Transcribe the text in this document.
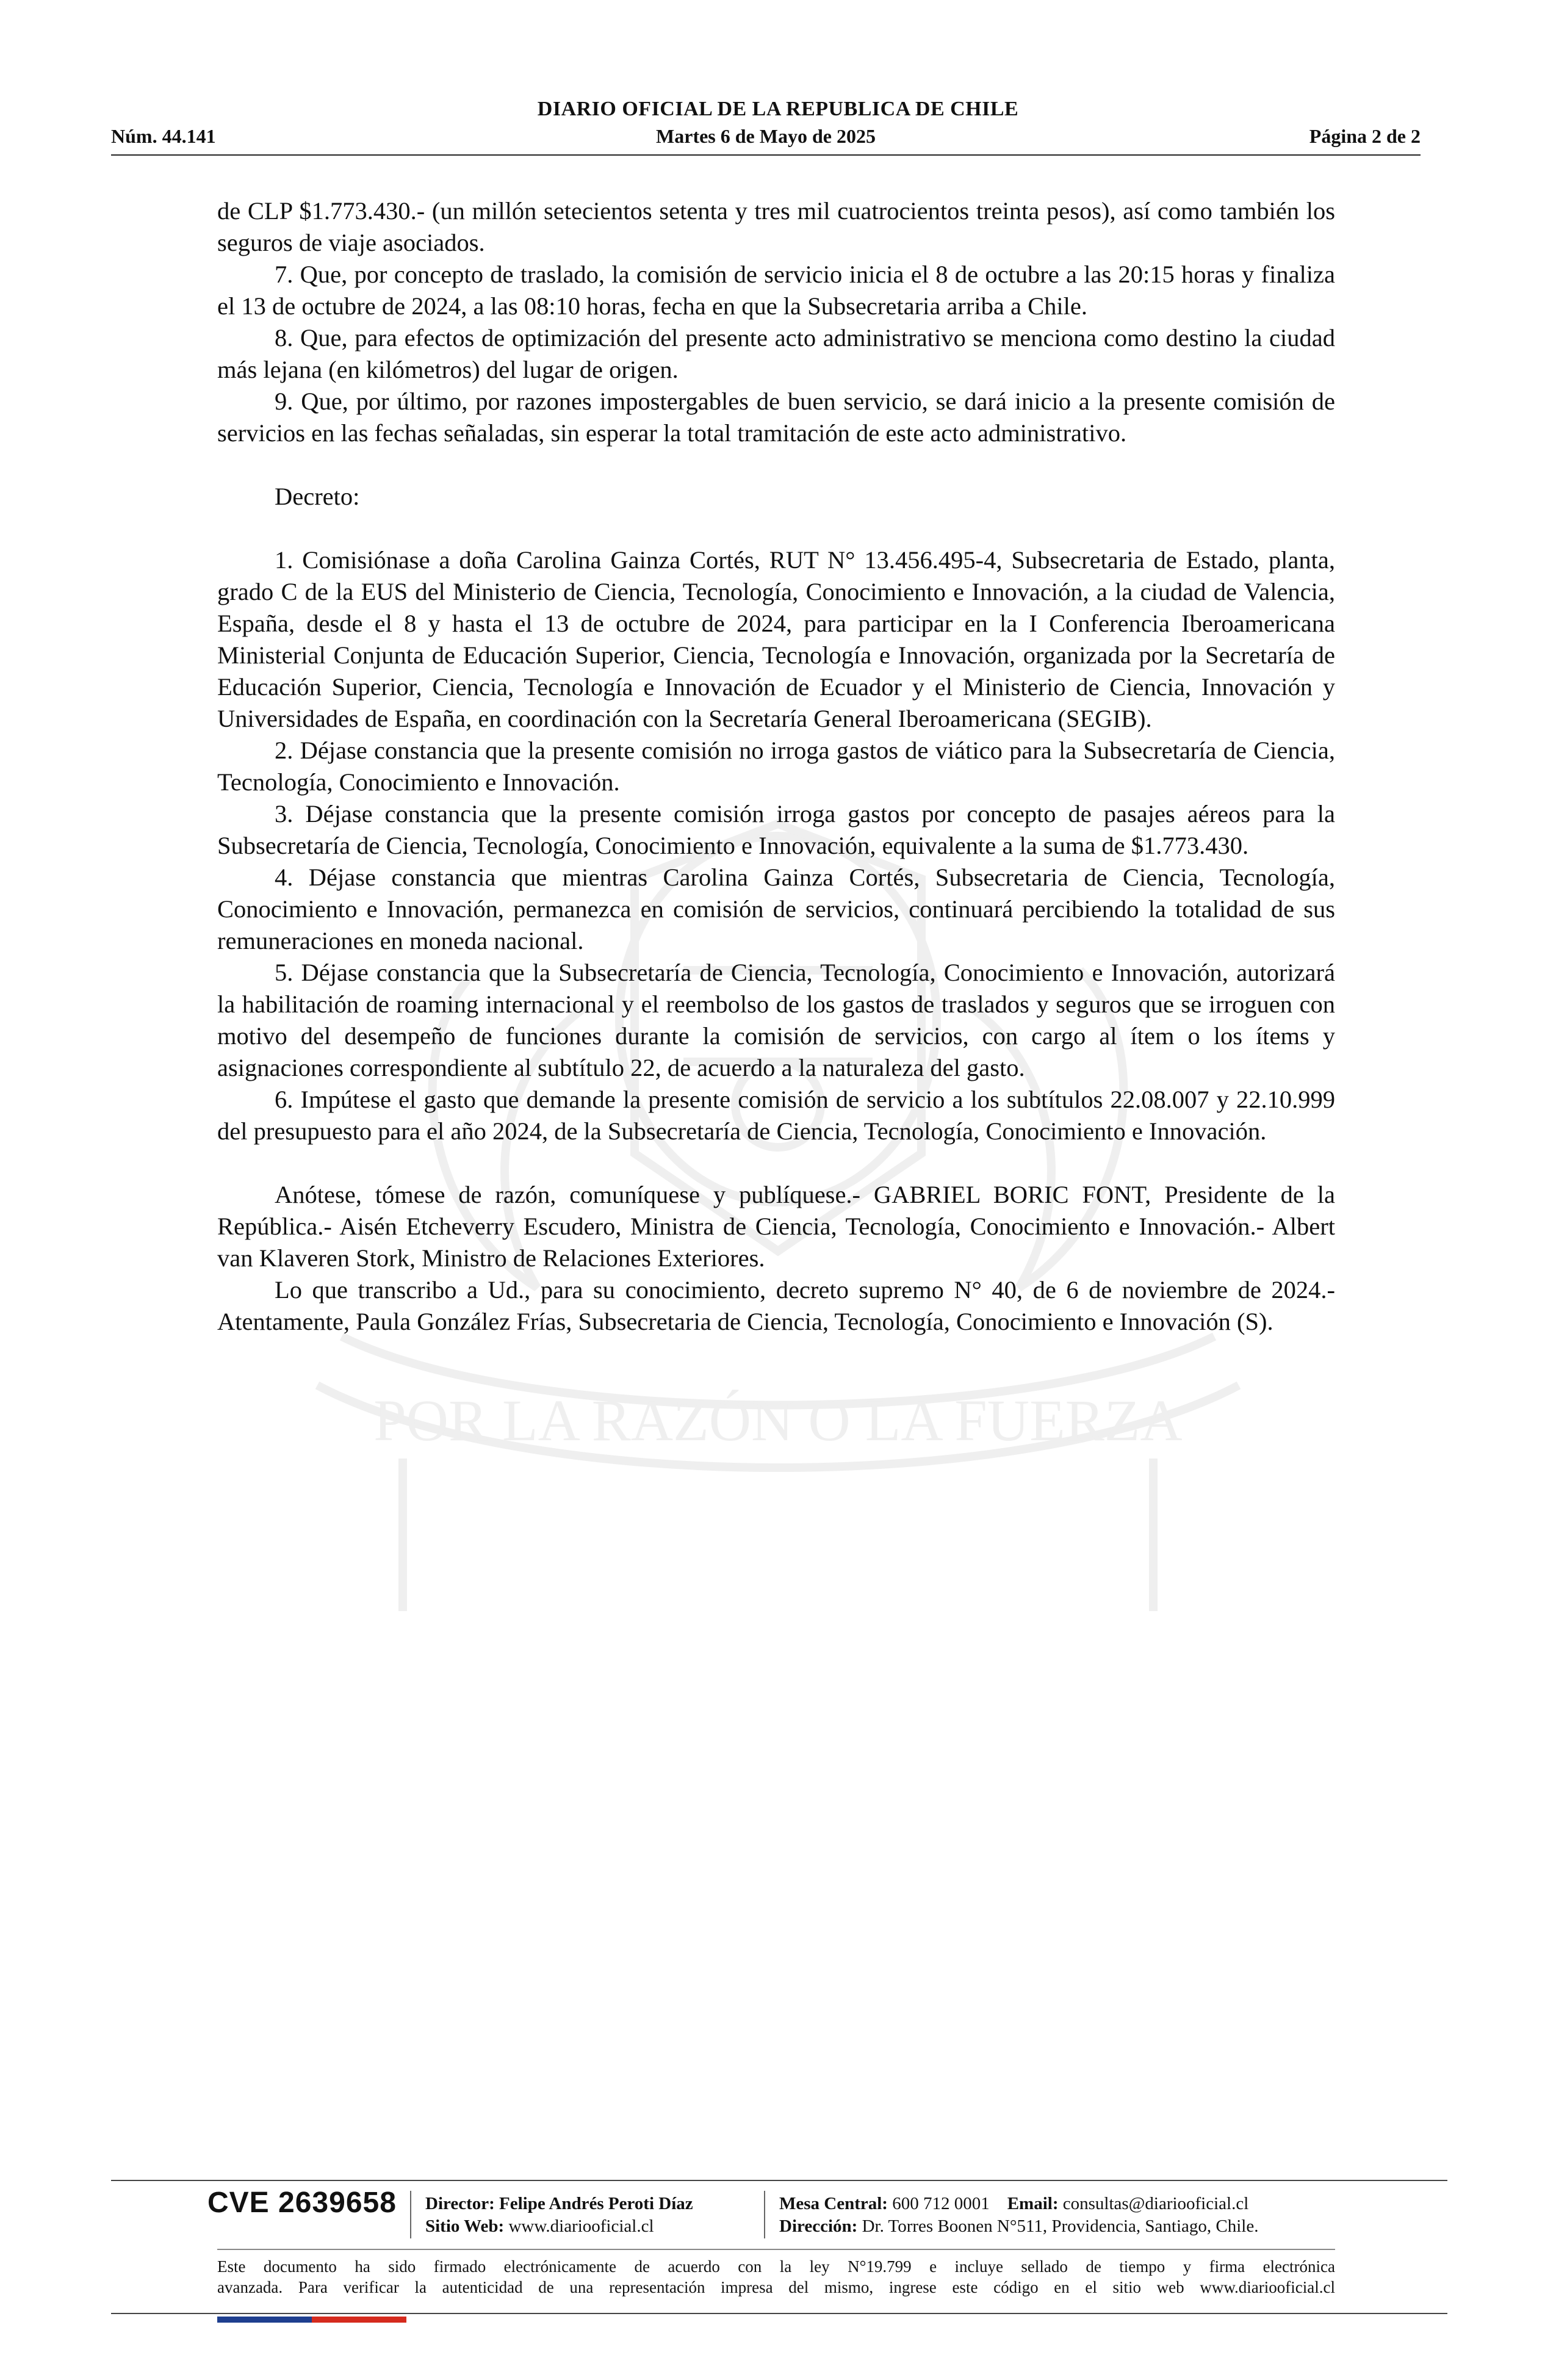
DIARIO OFICIAL DE LA REPUBLICA DE CHILE
Núm. 44.141	Martes 6 de Mayo de 2025	Página 2 de 2
POR LA RAZÓN O LA FUERZA

de CLP $1.773.430.- (un millón setecientos setenta y tres mil cuatrocientos treinta pesos), así como también los seguros de viaje asociados.

7. Que, por concepto de traslado, la comisión de servicio inicia el 8 de octubre a las 20:15 horas y finaliza el 13 de octubre de 2024, a las 08:10 horas, fecha en que la Subsecretaria arriba a Chile.

8. Que, para efectos de optimización del presente acto administrativo se menciona como destino la ciudad más lejana (en kilómetros) del lugar de origen.

9. Que, por último, por razones impostergables de buen servicio, se dará inicio a la presente comisión de servicios en las fechas señaladas, sin esperar la total tramitación de este acto administrativo.

Decreto:

1. Comisiónase a doña Carolina Gainza Cortés, RUT N° 13.456.495-4, Subsecretaria de Estado, planta, grado C de la EUS del Ministerio de Ciencia, Tecnología, Conocimiento e Innovación, a la ciudad de Valencia, España, desde el 8 y hasta el 13 de octubre de 2024, para participar en la I Conferencia Iberoamericana Ministerial Conjunta de Educación Superior, Ciencia, Tecnología e Innovación, organizada por la Secretaría de Educación Superior, Ciencia, Tecnología e Innovación de Ecuador y el Ministerio de Ciencia, Innovación y Universidades de España, en coordinación con la Secretaría General Iberoamericana (SEGIB).

2. Déjase constancia que la presente comisión no irroga gastos de viático para la Subsecretaría de Ciencia, Tecnología, Conocimiento e Innovación.

3. Déjase constancia que la presente comisión irroga gastos por concepto de pasajes aéreos para la Subsecretaría de Ciencia, Tecnología, Conocimiento e Innovación, equivalente a la suma de $1.773.430.

4. Déjase constancia que mientras Carolina Gainza Cortés, Subsecretaria de Ciencia, Tecnología, Conocimiento e Innovación, permanezca en comisión de servicios, continuará percibiendo la totalidad de sus remuneraciones en moneda nacional.

5. Déjase constancia que la Subsecretaría de Ciencia, Tecnología, Conocimiento e Innovación, autorizará la habilitación de roaming internacional y el reembolso de los gastos de traslados y seguros que se irroguen con motivo del desempeño de funciones durante la comisión de servicios, con cargo al ítem o los ítems y asignaciones correspondiente al subtítulo 22, de acuerdo a la naturaleza del gasto.

6. Impútese el gasto que demande la presente comisión de servicio a los subtítulos 22.08.007 y 22.10.999 del presupuesto para el año 2024, de la Subsecretaría de Ciencia, Tecnología, Conocimiento e Innovación.

Anótese, tómese de razón, comuníquese y publíquese.- GABRIEL BORIC FONT, Presidente de la República.- Aisén Etcheverry Escudero, Ministra de Ciencia, Tecnología, Conocimiento e Innovación.- Albert van Klaveren Stork, Ministro de Relaciones Exteriores.

Lo que transcribo a Ud., para su conocimiento, decreto supremo N° 40, de 6 de noviembre de 2024.- Atentamente, Paula González Frías, Subsecretaria de Ciencia, Tecnología, Conocimiento e Innovación (S).

CVE 2639658 Director: Felipe Andrés Peroti Díaz
Sitio Web: www.diariooficial.cl
Mesa Central: 600 712 0001 Email: consultas@diariooficial.cl
Dirección: Dr. Torres Boonen N°511, Providencia, Santiago, Chile.
Este documento ha sido firmado electrónicamente de acuerdo con la ley N°19.799 e incluye sellado de tiempo y firma electrónica
avanzada. Para verificar la autenticidad de una representación impresa del mismo, ingrese este código en el sitio web www.diariooficial.cl
